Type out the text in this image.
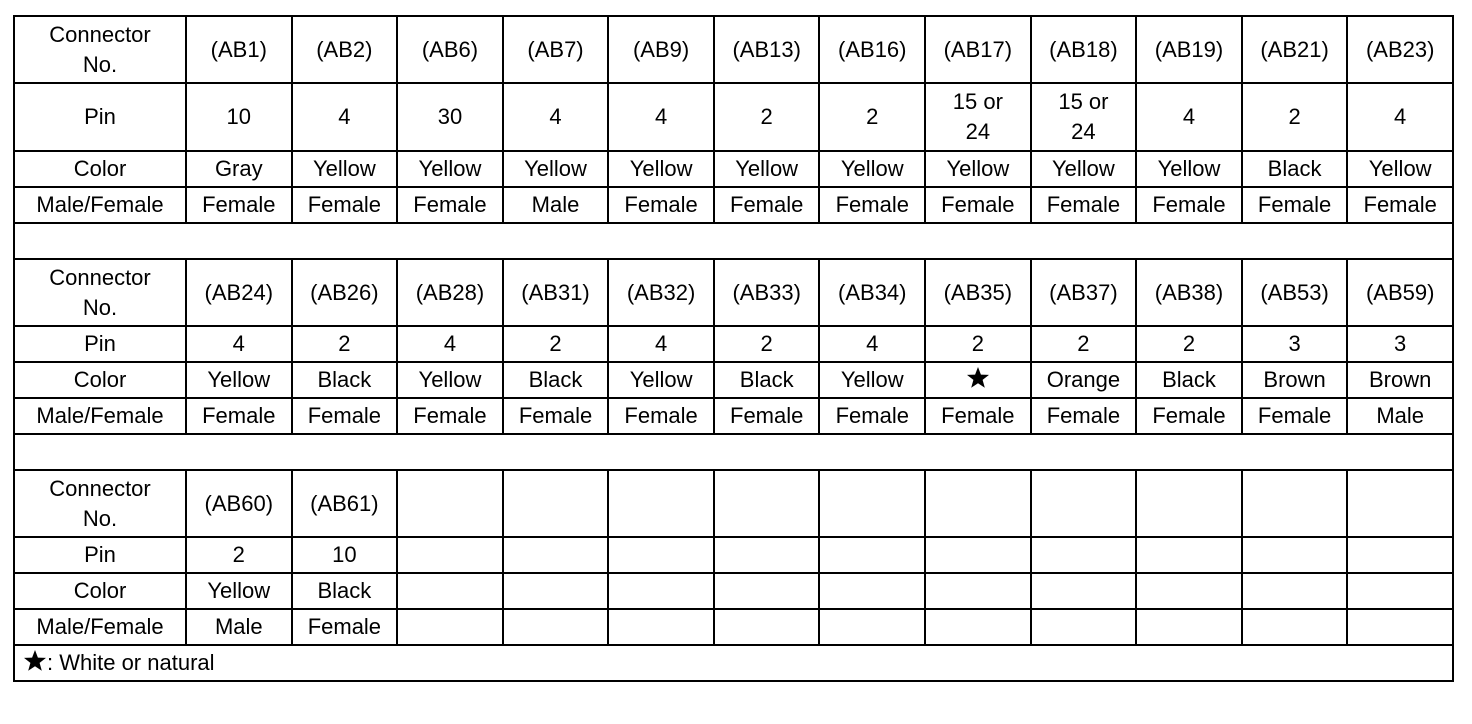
Connector No.	(AB1)	(AB2)	(AB6)	(AB7)	(AB9)	(AB13)	(AB16)	(AB17)	(AB18)	(AB19)	(AB21)	(AB23)
Pin	10	4	30	4	4	2	2	15 or 24	15 or 24	4	2	4
Color	Gray	Yellow	Yellow	Yellow	Yellow	Yellow	Yellow	Yellow	Yellow	Yellow	Black	Yellow
Male/Female	Female	Female	Female	Male	Female	Female	Female	Female	Female	Female	Female	Female

Connector No.	(AB24)	(AB26)	(AB28)	(AB31)	(AB32)	(AB33)	(AB34)	(AB35)	(AB37)	(AB38)	(AB53)	(AB59)
Pin	4	2	4	2	4	2	4	2	2	2	3	3
Color	Yellow	Black	Yellow	Black	Yellow	Black	Yellow		Orange	Black	Brown	Brown
Male/Female	Female	Female	Female	Female	Female	Female	Female	Female	Female	Female	Female	Male

Connector No.	(AB60)	(AB61)										
Pin	2	10										
Color	Yellow	Black										
Male/Female	Male	Female										
: White or natural												
